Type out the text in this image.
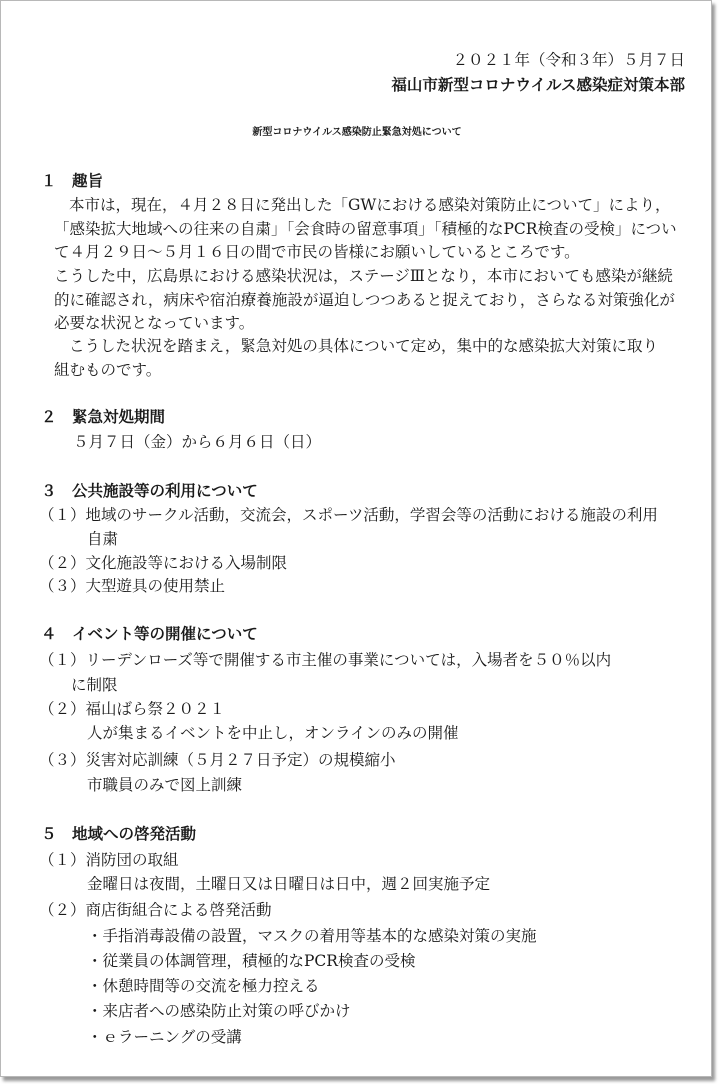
２０２１年（令和３年）５月７日
福山市新型コロナウイルス感染症対策本部
新型コロナウイルス感染防止緊急対処について
１　趣旨
本市は，現在，４月２８日に発出した「GWにおける感染対策防止について」により，
「感染拡大地域への往来の自粛」「会食時の留意事項」「積極的なPCR検査の受検」につい
て４月２９日～５月１６日の間で市民の皆様にお願いしているところです。
こうした中，広島県における感染状況は，ステージⅢとなり，本市においても感染が継続
的に確認され，病床や宿泊療養施設が逼迫しつつあると捉えており，さらなる対策強化が
必要な状況となっています。
こうした状況を踏まえ，緊急対処の具体について定め，集中的な感染拡大対策に取り
組むものです。
２　緊急対処期間
５月７日（金）から６月６日（日）
３　公共施設等の利用について
（１）地域のサークル活動，交流会，スポーツ活動，学習会等の活動における施設の利用
自粛
（２）文化施設等における入場制限
（３）大型遊具の使用禁止
４　イベント等の開催について
（１）リーデンローズ等で開催する市主催の事業については，入場者を５０％以内
に制限
（２）福山ばら祭２０２１
人が集まるイベントを中止し，オンラインのみの開催
（３）災害対応訓練（５月２７日予定）の規模縮小
市職員のみで図上訓練
５　地域への啓発活動
（１）消防団の取組
金曜日は夜間，土曜日又は日曜日は日中，週２回実施予定
（２）商店街組合による啓発活動
・手指消毒設備の設置，マスクの着用等基本的な感染対策の実施
・従業員の体調管理，積極的なPCR検査の受検
・休憩時間等の交流を極力控える
・来店者への感染防止対策の呼びかけ
・ｅラーニングの受講
